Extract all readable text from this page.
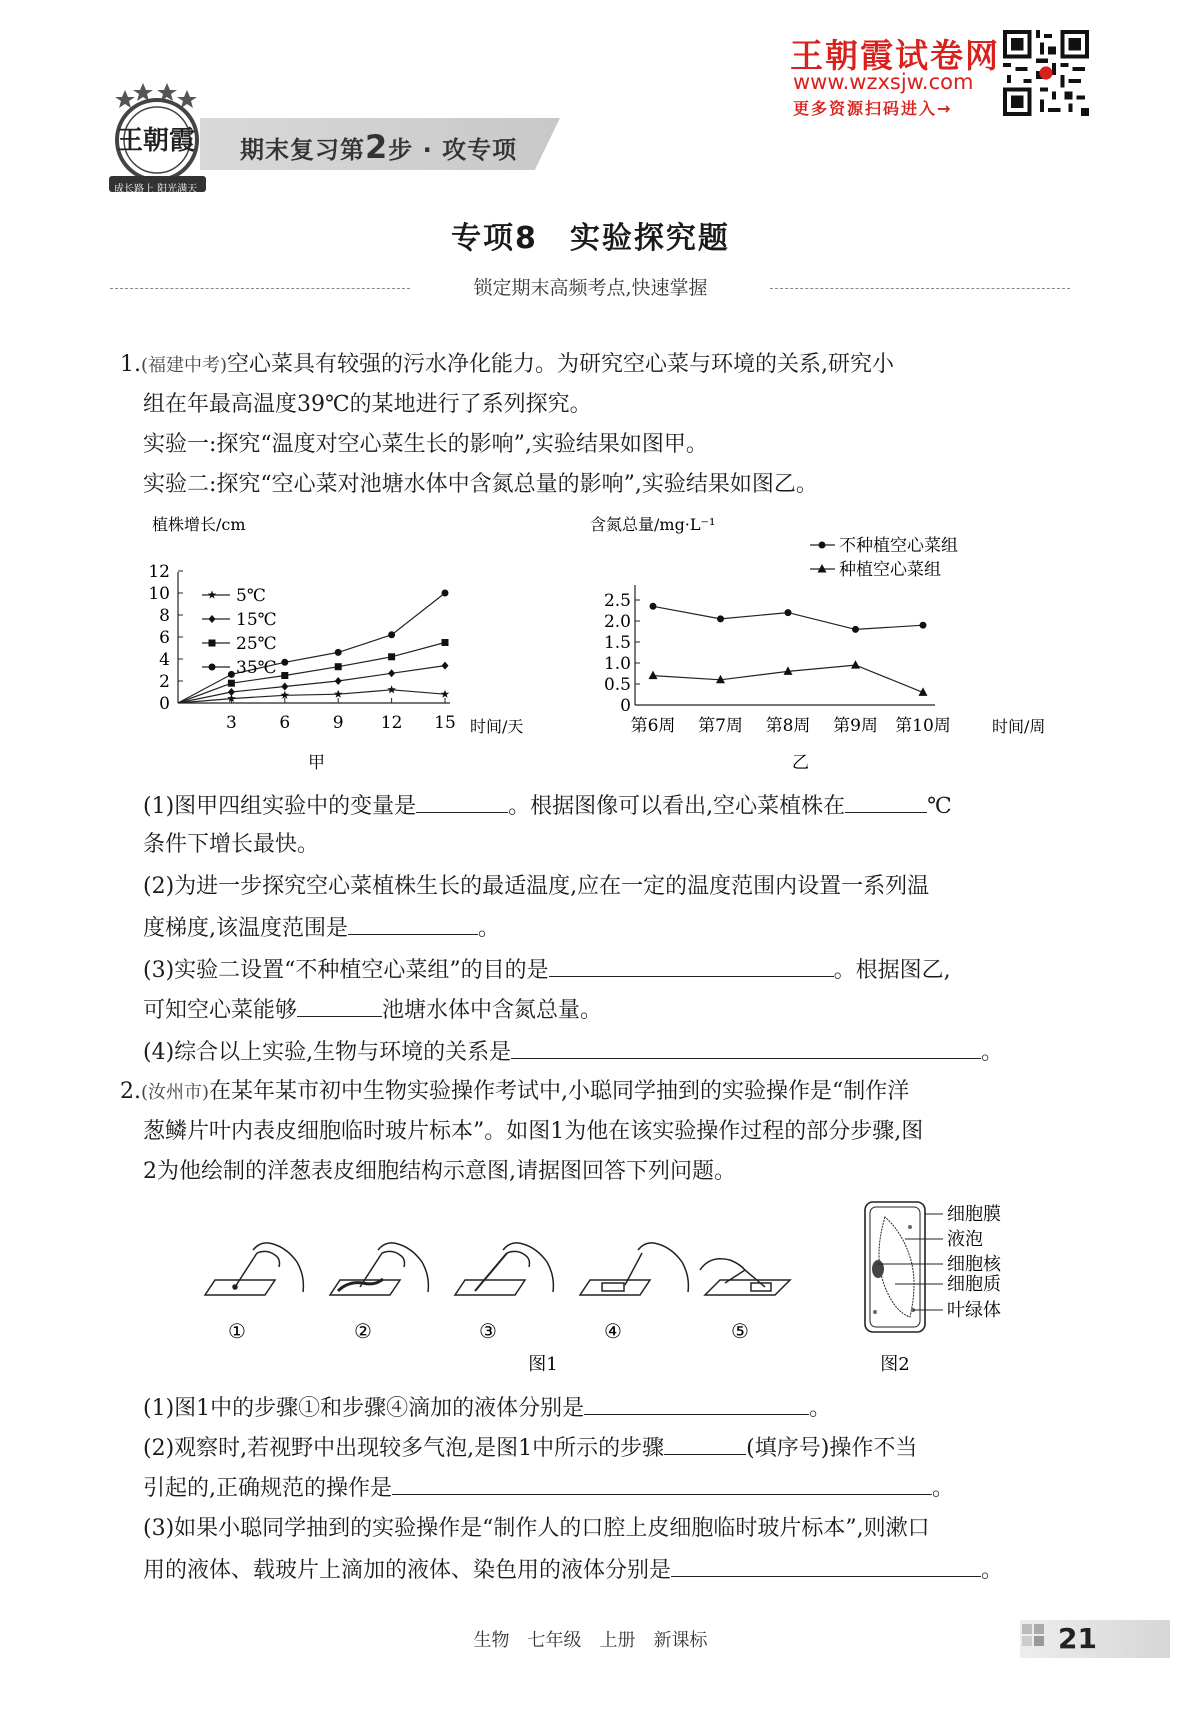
王朝霞
成长路上 阳光满天
期末复习第2步 · 攻专项
王朝霞试卷网
www.wzxsjw.com
更多资源扫码进入→
专项8　实验探究题
锁定期末高频考点,快速掌握
1.(福建中考)空心菜具有较强的污水净化能力。为研究空心菜与环境的关系,研究小
组在年最高温度39℃的某地进行了系列探究。
实验一:探究“温度对空心菜生长的影响”,实验结果如图甲。
实验二:探究“空心菜对池塘水体中含氮总量的影响”,实验结果如图乙。
植株增长/cm
0
2
4
6
8
10
12
3	6	9 12 15
5℃
15℃
25℃
35℃
时间/天
甲
含氮总量/mg·L⁻¹
0
0.5
1.0
1.5
2.0
2.5
第6周 第7周 第8周 第9周 第10周
不种植空心菜组
种植空心菜组
时间/周
乙
(1)图甲四组实验中的变量是	。根据图像可以看出,空心菜植株在	℃
条件下增长最快。
(2)为进一步探究空心菜植株生长的最适温度,应在一定的温度范围内设置一系列温
度梯度,该温度范围是	。
(3)实验二设置“不种植空心菜组”的目的是	。根据图乙,
可知空心菜能够	池塘水体中含氮总量。
(4)综合以上实验,生物与环境的关系是	。
2.(汝州市)在某年某市初中生物实验操作考试中,小聪同学抽到的实验操作是“制作洋
葱鳞片叶内表皮细胞临时玻片标本”。如图1为他在该实验操作过程的部分步骤,图
2为他绘制的洋葱表皮细胞结构示意图,请据图回答下列问题。
①	②	③	④	⑤
图1
细胞膜
液泡
细胞核
细胞质
叶绿体
图2
(1)图1中的步骤①和步骤④滴加的液体分别是	。
(2)观察时,若视野中出现较多气泡,是图1中所示的步骤	(填序号)操作不当
引起的,正确规范的操作是	。
(3)如果小聪同学抽到的实验操作是“制作人的口腔上皮细胞临时玻片标本”,则漱口
用的液体、载玻片上滴加的液体、染色用的液体分别是	。
生物　七年级　上册　新课标	21
